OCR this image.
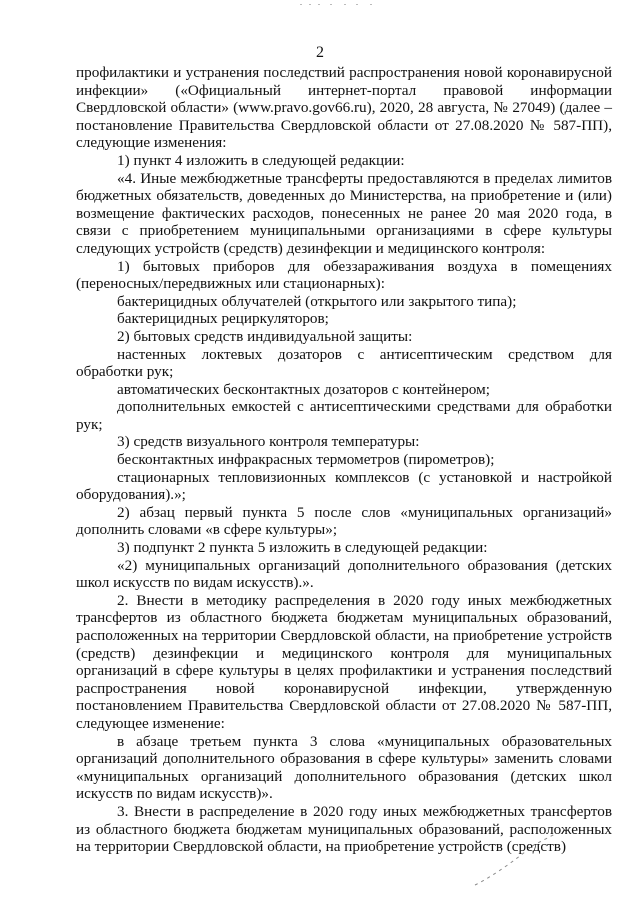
2

профилактики и устранения последствий распространения новой коронавирусной инфекции» («Официальный интернет-портал правовой информации Свердловской области» (www.pravo.gov66.ru), 2020, 28 августа, № 27049) (далее – постановление Правительства Свердловской области от 27.08.2020 № 587-ПП), следующие изменения:

1) пункт 4 изложить в следующей редакции:

«4. Иные межбюджетные трансферты предоставляются в пределах лимитов бюджетных обязательств, доведенных до Министерства, на приобретение и (или) возмещение фактических расходов, понесенных не ранее 20 мая 2020 года, в связи с приобретением муниципальными организациями в сфере культуры следующих устройств (средств) дезинфекции и медицинского контроля:

1) бытовых приборов для обеззараживания воздуха в помещениях (переносных/передвижных или стационарных):

бактерицидных облучателей (открытого или закрытого типа);

бактерицидных рециркуляторов;

2) бытовых средств индивидуальной защиты:

настенных локтевых дозаторов с антисептическим средством для обработки рук;

автоматических бесконтактных дозаторов с контейнером;

дополнительных емкостей с антисептическими средствами для обработки рук;

3) средств визуального контроля температуры:

бесконтактных инфракрасных термометров (пирометров);

стационарных тепловизионных комплексов (с установкой и настройкой оборудования).»;

2) абзац первый пункта 5 после слов «муниципальных организаций» дополнить словами «в сфере культуры»;

3) подпункт 2 пункта 5 изложить в следующей редакции:

«2) муниципальных организаций дополнительного образования (детских школ искусств по видам искусств).».

2. Внести в методику распределения в 2020 году иных межбюджетных трансфертов из областного бюджета бюджетам муниципальных образований, расположенных на территории Свердловской области, на приобретение устройств (средств) дезинфекции и медицинского контроля для муниципальных организаций в сфере культуры в целях профилактики и устранения последствий распространения новой коронавирусной инфекции, утвержденную постановлением Правительства Свердловской области от 27.08.2020 № 587-ПП, следующее изменение:

в абзаце третьем пункта 3 слова «муниципальных образовательных организаций дополнительного образования в сфере культуры» заменить словами «муниципальных организаций дополнительного образования (детских школ искусств по видам искусств)».

3. Внести в распределение в 2020 году иных межбюджетных трансфертов из областного бюджета бюджетам муниципальных образований, расположенных на территории Свердловской области, на приобретение устройств (средств)
